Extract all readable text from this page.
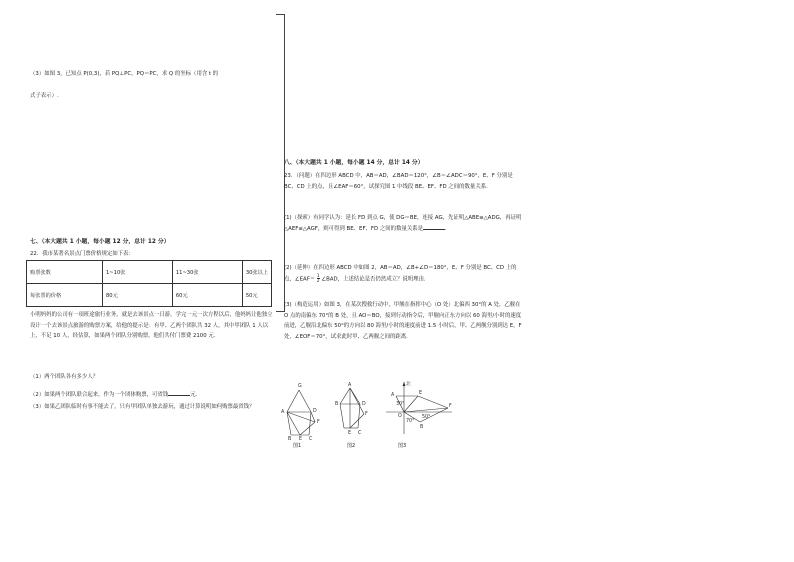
（3）如图 3，已知点 P(0,3)，若 PQ⊥PC，PQ＝PC，求 Q 的坐标（用含 t 的
式子表示）.
七、（本大题共 1 小题，每小题 12 分，总计 12 分）
22．我市某著名景点门票价格规定如下表：
购票张数	1~10张	11~30张	30张以上
每张票的价格	80元	60元	50元
小明妈妈的公司有一项班途旅行业务，就是去该景点一日游，学完一元一次方程以后，他妈妈让他独立设计一个去该景点旅游的购票方案，给他的提示是：有甲、乙两个团队共 32 人，其中甲团队 1 人以上，不足 10 人，经估算，如果两个团队分别购票，他们共付门票费 2100 元.
（1）两个团队各有多少人？
（2）如果两个团队联合起来，作为一个团体购票，可省钱	元.
（3）如果乙团队临时有事不能去了，只有甲团队单独去游玩，通过计算说明如何购票最省钱？
八、（本大题共 1 小题，每小题 14 分，总计 14 分）
23．（问题）在四边形 ABCD 中，AB＝AD，∠BAD＝120°，∠B＝∠ADC＝90°，E、F 分别是 BC、CD 上的点，且∠EAF＝60°，试探究图 1 中线段 BE、EF、FD 之间的数量关系.
(1)（探索）有同学认为：延长 FD 到点 G，使 DG＝BE，连接 AG，先证明△ABE≌△ADG，再证明△AEF≌△AGF，则可得到 BE、EF、FD 之间的数量关系是	.
(2)（延伸）在四边形 ABCD 中如图 2，AB＝AD，∠B+∠D＝180°，E、F 分别是 BC、CD 上的点，∠EAF＝ $\frac{1}{2}$ ∠BAD，上述结论是否仍然成立？说明理由.
(3)（构造运用）如图 3，在某次搜救行动中，甲舰在指挥中心（O 处）北偏西 30°的 A 处，乙舰在 O 点的南偏东 70°的 B 处，且 AO＝BO，接到行动指令后，甲舰向正东方向以 60 海里/小时的速度前进，乙舰沿北偏东 50°的方向以 80 海里/小时的速度前进 1.5 小时后，甲、乙两舰分别到达 E，F 处，∠EOF＝70°，试求此时甲、乙两舰之间的距离.
G
A	D
F
B E C
图1
A
B	D
F
E C
图2
北
A	E
F
O
B
30°
70°
50°
图3
